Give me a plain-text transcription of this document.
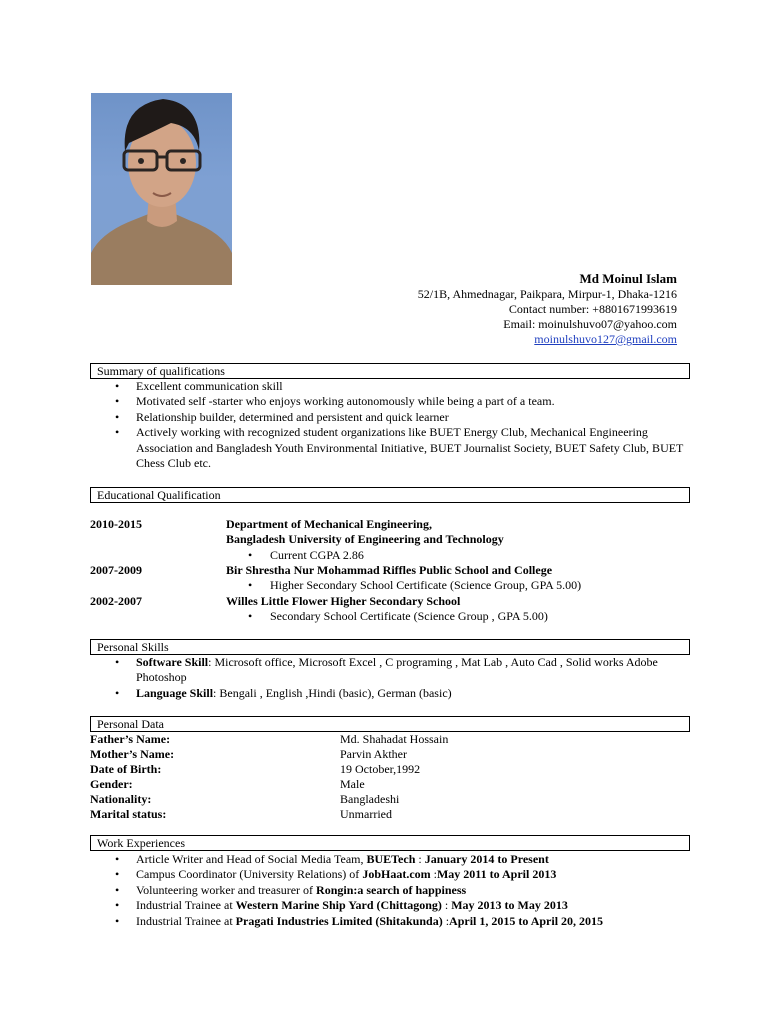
Md Moinul Islam
52/1B, Ahmednagar, Paikpara, Mirpur-1, Dhaka-1216
Contact number: +8801671993619
Email: moinulshuvo07@yahoo.com
moinulshuvo127@gmail.com
Summary of qualifications
• Excellent communication skill
• Motivated self -starter who enjoys working autonomously while being a part of a team.
• Relationship builder, determined and persistent and quick learner
• Actively working with recognized student organizations like BUET Energy Club, Mechanical Engineering Association and Bangladesh Youth Environmental Initiative, BUET Journalist Society, BUET Safety Club, BUET Chess Club etc.
Educational Qualification
2010-2015	Department of Mechanical Engineering,
Bangladesh University of Engineering and Technology
• Current CGPA 2.86
2007-2009	Bir Shrestha Nur Mohammad Riffles Public School and College
• Higher Secondary School Certificate (Science Group, GPA 5.00)
2002-2007	Willes Little Flower Higher Secondary School
• Secondary School Certificate (Science Group , GPA 5.00)
Personal Skills
• Software Skill: Microsoft office, Microsoft Excel , C programing , Mat Lab , Auto Cad , Solid works Adobe Photoshop
• Language Skill: Bengali , English ,Hindi (basic), German (basic)
Personal Data
Father’s Name:	Md. Shahadat Hossain
Mother’s Name:	Parvin Akther
Date of Birth:	19 October,1992
Gender:	Male
Nationality:	Bangladeshi
Marital status:	Unmarried
Work Experiences
• Article Writer and Head of Social Media Team, BUETech : January 2014 to Present
• Campus Coordinator (University Relations) of JobHaat.com :May 2011 to April 2013
• Volunteering worker and treasurer of Rongin:a search of happiness
• Industrial Trainee at Western Marine Ship Yard (Chittagong) : May 2013 to May 2013
• Industrial Trainee at Pragati Industries Limited (Shitakunda) :April 1, 2015 to April 20, 2015
